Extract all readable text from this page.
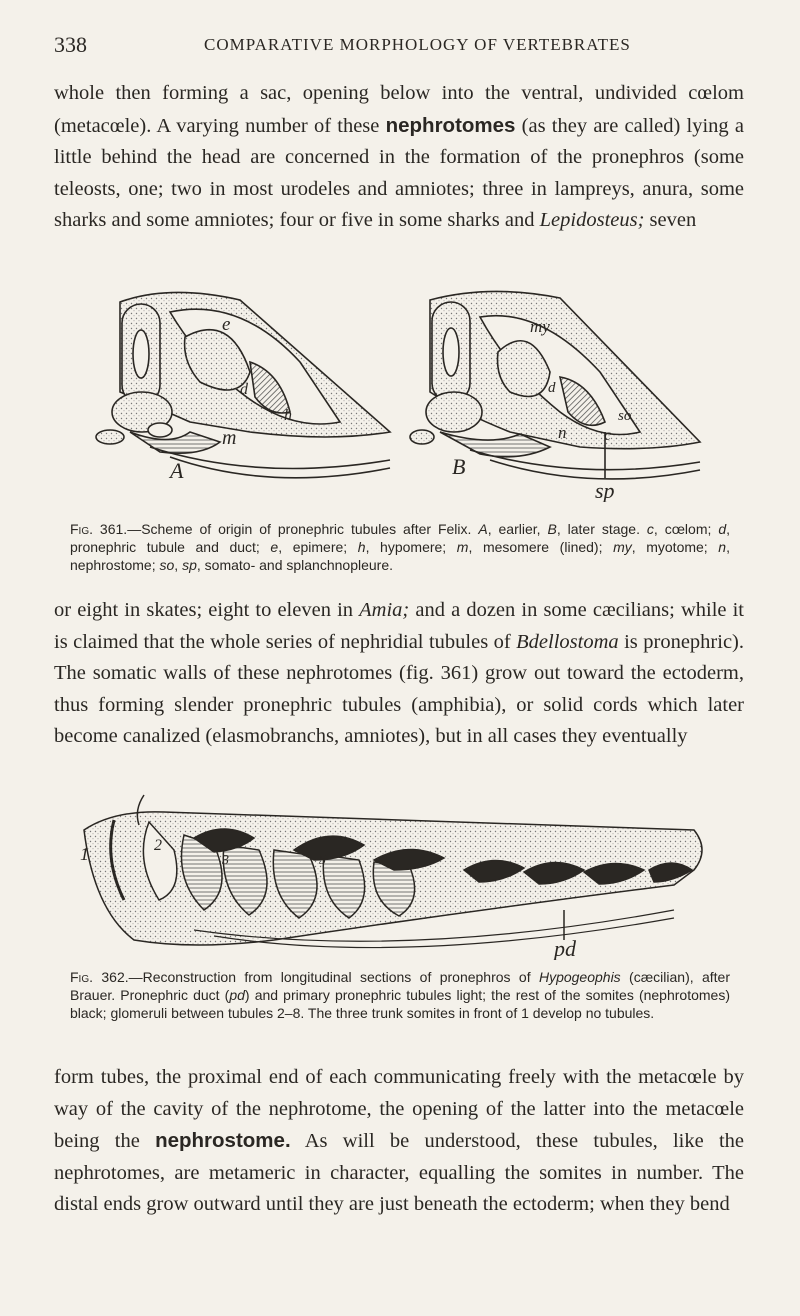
338	COMPARATIVE MORPHOLOGY OF VERTEBRATES

whole then forming a sac, opening below into the ventral, undivided cœlom (metacœle). A varying number of these nephrotomes (as they are called) lying a little behind the head are concerned in the formation of the pronephros (some teleosts, one; two in most urodeles and amniotes; three in lampreys, anura, some sharks and some amniotes; four or five in some sharks and Lepidosteus; seven

A
e
d
h
m
B
my
d
n
so
c
sp

Fig. 361.—Scheme of origin of pronephric tubules after Felix. A, earlier, B, later stage. c, cœlom; d, pronephric tubule and duct; e, epimere; h, hypomere; m, mesomere (lined); my, myotome; n, nephrostome; so, sp, somato- and splanchnopleure.

or eight in skates; eight to eleven in Amia; and a dozen in some cæcilians; while it is claimed that the whole series of nephridial tubules of Bdellostoma is pronephric). The somatic walls of these nephrotomes (fig. 361) grow out toward the ectoderm, thus forming slender pronephric tubules (amphibia), or solid cords which later become canalized (elasmobranchs, amniotes), but in all cases they eventually

1	2
3	5
pd

Fig. 362.—Reconstruction from longitudinal sections of pronephros of Hypogeophis (cæcilian), after Brauer. Pronephric duct (pd) and primary pronephric tubules light; the rest of the somites (nephrotomes) black; glomeruli between tubules 2–8. The three trunk somites in front of 1 develop no tubules.

form tubes, the proximal end of each communicating freely with the metacœle by way of the cavity of the nephrotome, the opening of the latter into the metacœle being the nephrostome. As will be understood, these tubules, like the nephrotomes, are metameric in character, equalling the somites in number. The distal ends grow outward until they are just beneath the ectoderm; when they bend
